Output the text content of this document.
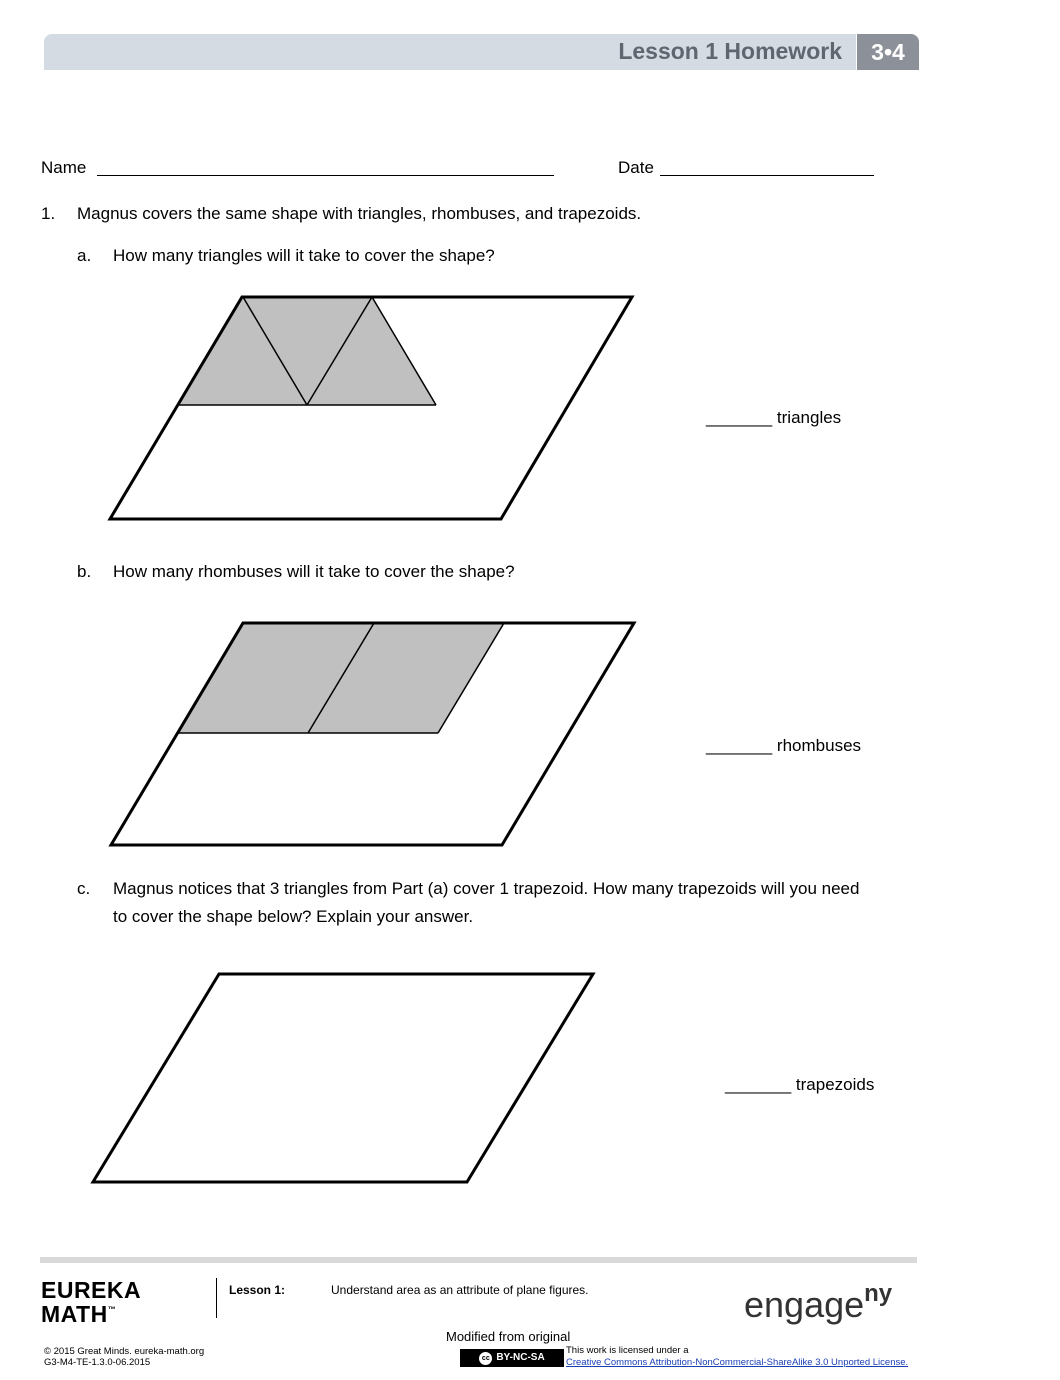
Lesson 1 Homework	3•4
Name	Date
1. Magnus covers the same shape with triangles, rhombuses, and trapezoids.
a. How many triangles will it take to cover the shape?
_______ triangles
b. How many rhombuses will it take to cover the shape?
_______ rhombuses
c. Magnus notices that 3 triangles from Part (a) cover 1 trapezoid. How many trapezoids will you need
to cover the shape below? Explain your answer.
_______ trapezoids
EUREKA
MATH™
Lesson 1:	Understand area as an attribute of plane figures.	engage$^{ny}$
Modified from original
© 2015 Great Minds. eureka-math.org
G3-M4-TE-1.3.0-06.2015	cc BY-NC-SA
This work is licensed under a
Creative Commons Attribution-NonCommercial-ShareAlike 3.0 Unported License.
